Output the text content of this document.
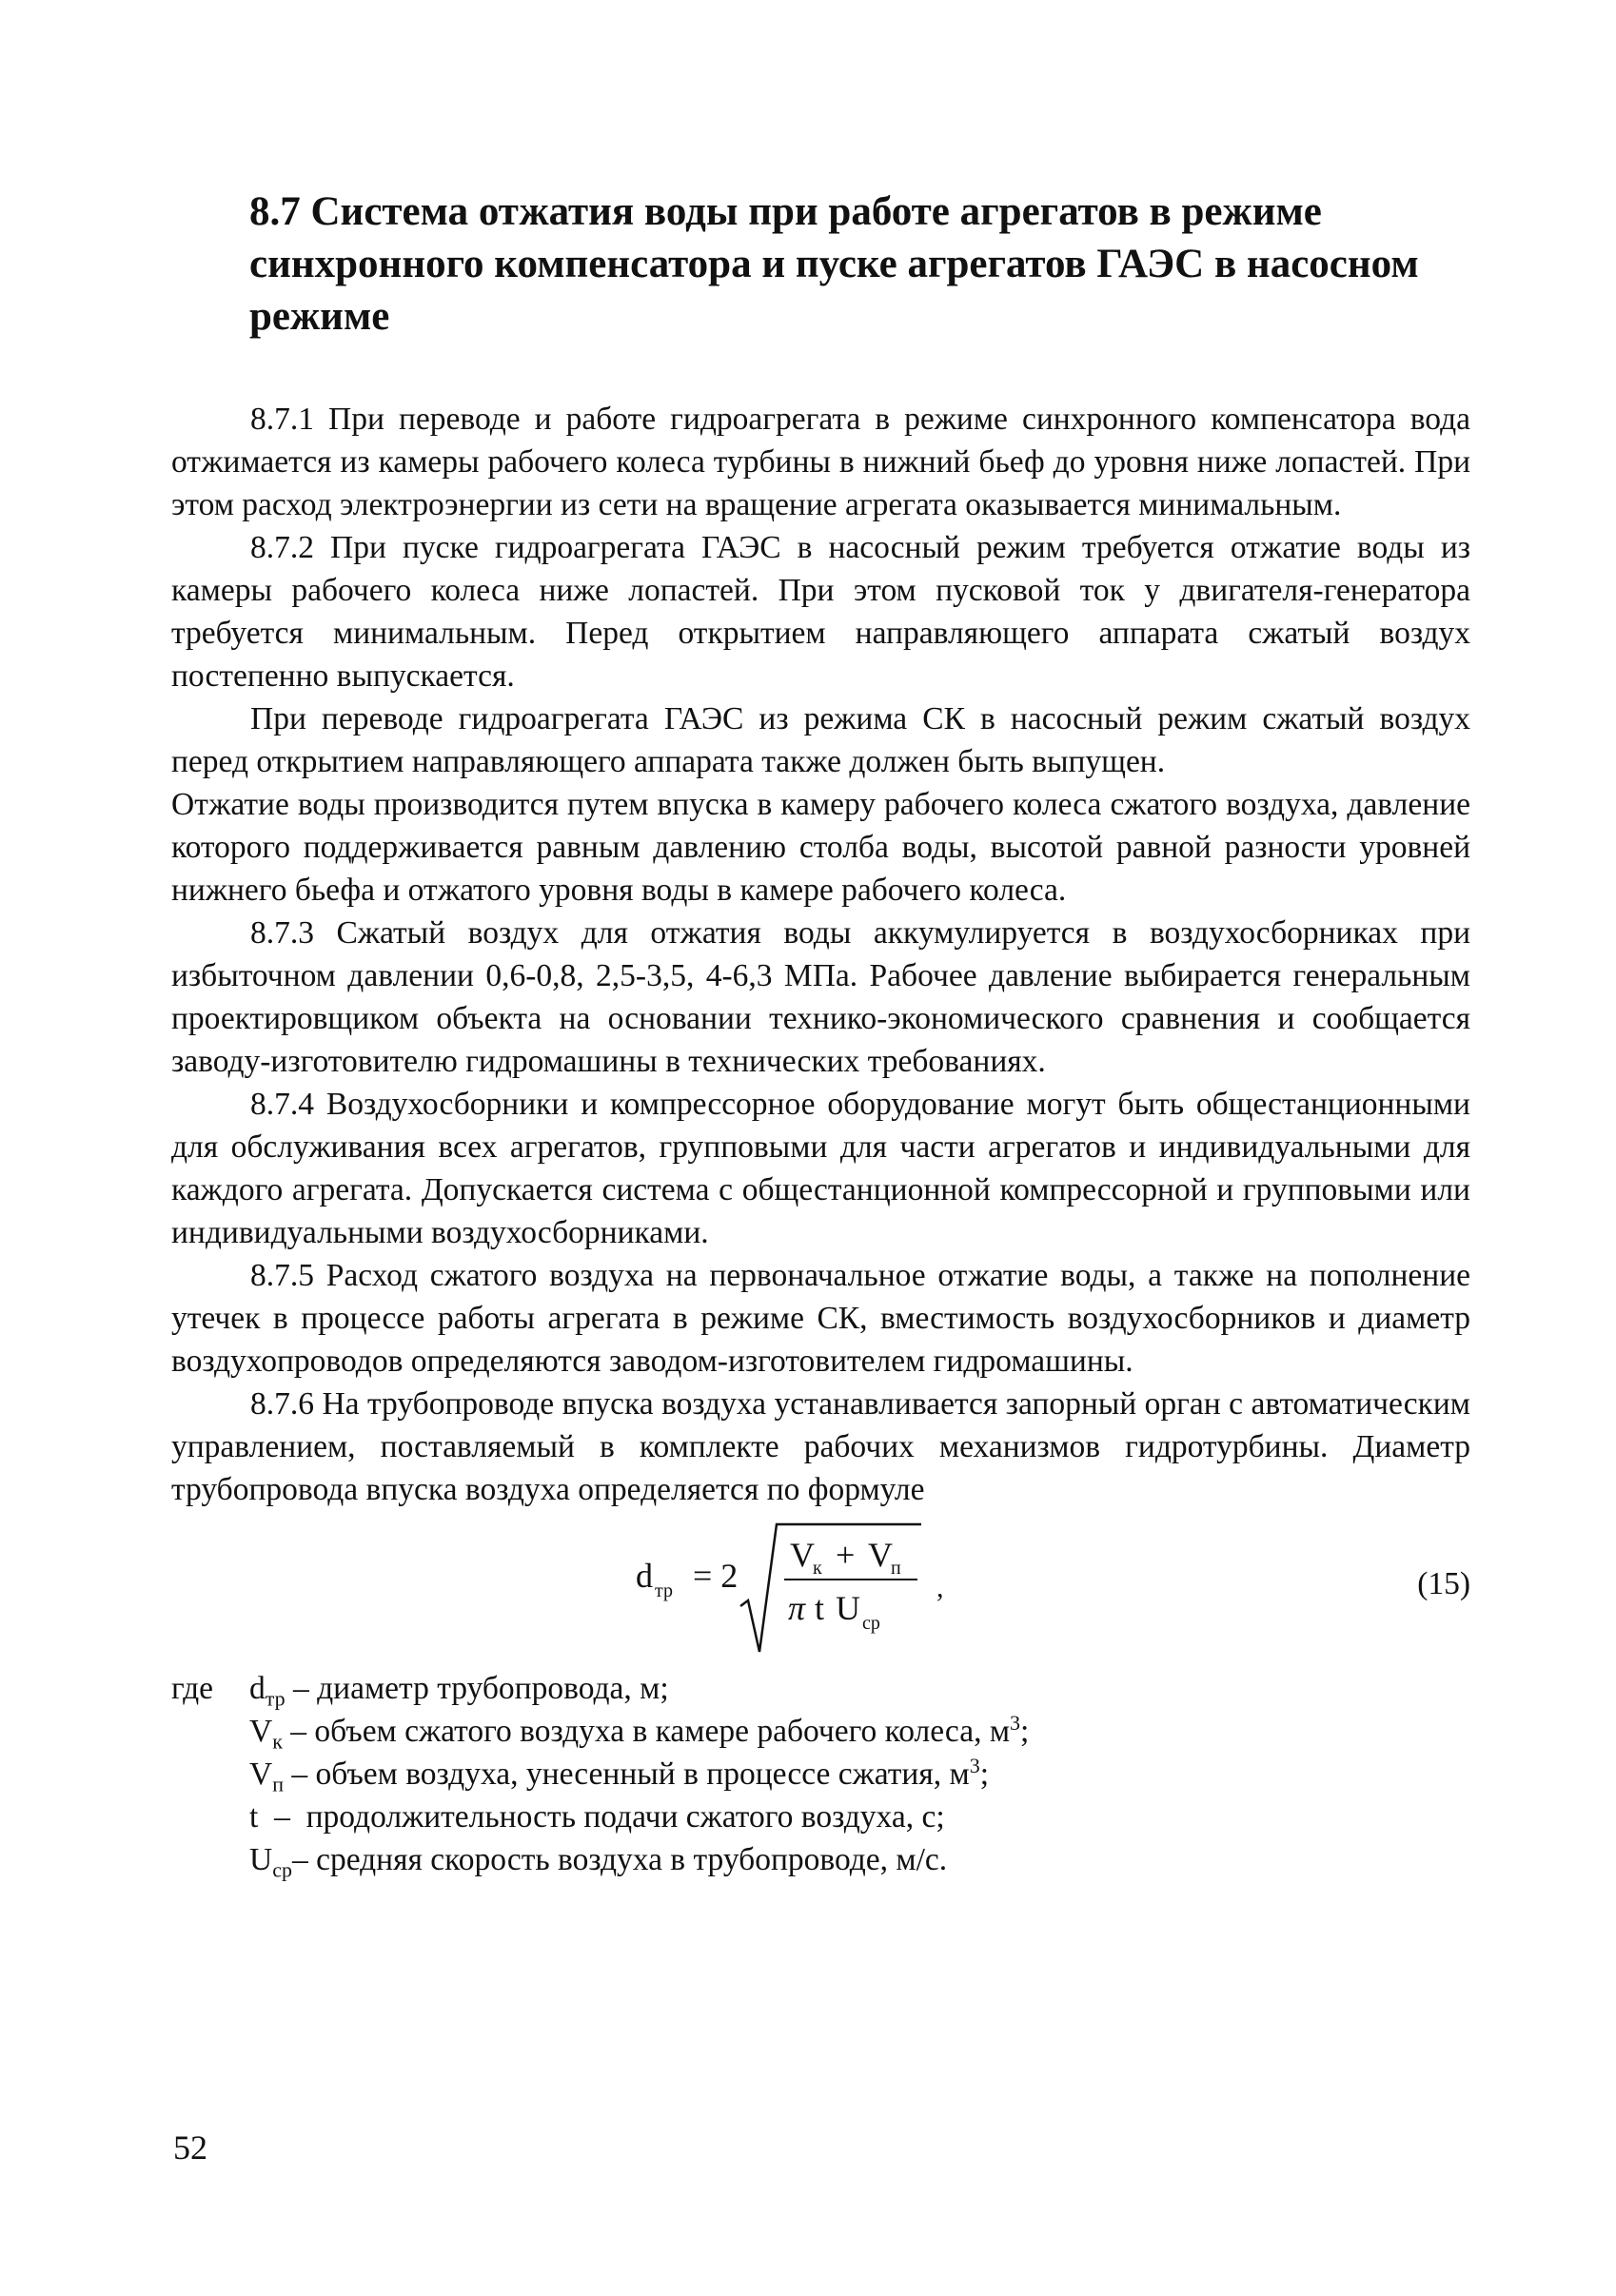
8.7 Система отжатия воды при работе агрегатов в режиме синхронного компенсатора и пуске агрегатов ГАЭС в насосном режиме

8.7.1 При переводе и работе гидроагрегата в режиме синхронного компенсатора вода отжимается из камеры рабочего колеса турбины в нижний бьеф до уровня ниже лопастей. При этом расход электроэнергии из сети на вращение агрегата оказывается минимальным.

8.7.2 При пуске гидроагрегата ГАЭС в насосный режим требуется отжатие воды из камеры рабочего колеса ниже лопастей. При этом пусковой ток у двигателя-генератора требуется минимальным. Перед открытием направляющего аппарата сжатый воздух постепенно выпускается.

При переводе гидроагрегата ГАЭС из режима СК в насосный режим сжатый воздух перед открытием направляющего аппарата также должен быть выпущен.

Отжатие воды производится путем впуска в камеру рабочего колеса сжатого воздуха, давление которого поддерживается равным давлению столба воды, высотой равной разности уровней нижнего бьефа и отжатого уровня воды в камере рабочего колеса.

8.7.3 Сжатый воздух для отжатия воды аккумулируется в воздухосборниках при избыточном давлении 0,6-0,8, 2,5-3,5, 4-6,3 МПа. Рабочее давление выбирается генеральным проектировщиком объекта на основании технико-экономического сравнения и сообщается заводу-изготовителю гидромашины в технических требованиях.

8.7.4 Воздухосборники и компрессорное оборудование могут быть общестанционными для обслуживания всех агрегатов, групповыми для части агрегатов и индивидуальными для каждого агрегата. Допускается система с общестанционной компрессорной и групповыми или индивидуальными воздухосборниками.

8.7.5 Расход сжатого воздуха на первоначальное отжатие воды, а также на пополнение утечек в процессе работы агрегата в режиме СК, вместимость воздухосборников и диаметр воздухопроводов определяются заводом-изготовителем гидромашины.

8.7.6 На трубопроводе впуска воздуха устанавливается запорный орган с автоматическим управлением, поставляемый в комплекте рабочих механизмов гидротурбины. Диаметр трубопровода впуска воздуха определяется по формуле

d тр = 2
V
к + V
п
π t U ср
,	(15)
где	$d_{тр}$ – диаметр трубопровода, м;
$V_к$ – объем сжатого воздуха в камере рабочего колеса, $м^3$;
$V_п$ – объем воздуха, унесенный в процессе сжатия, $м^3$;
t  –  продолжительность подачи сжатого воздуха, с;
$U_{ср}-$ средняя скорость воздуха в трубопроводе, м/с.
52
